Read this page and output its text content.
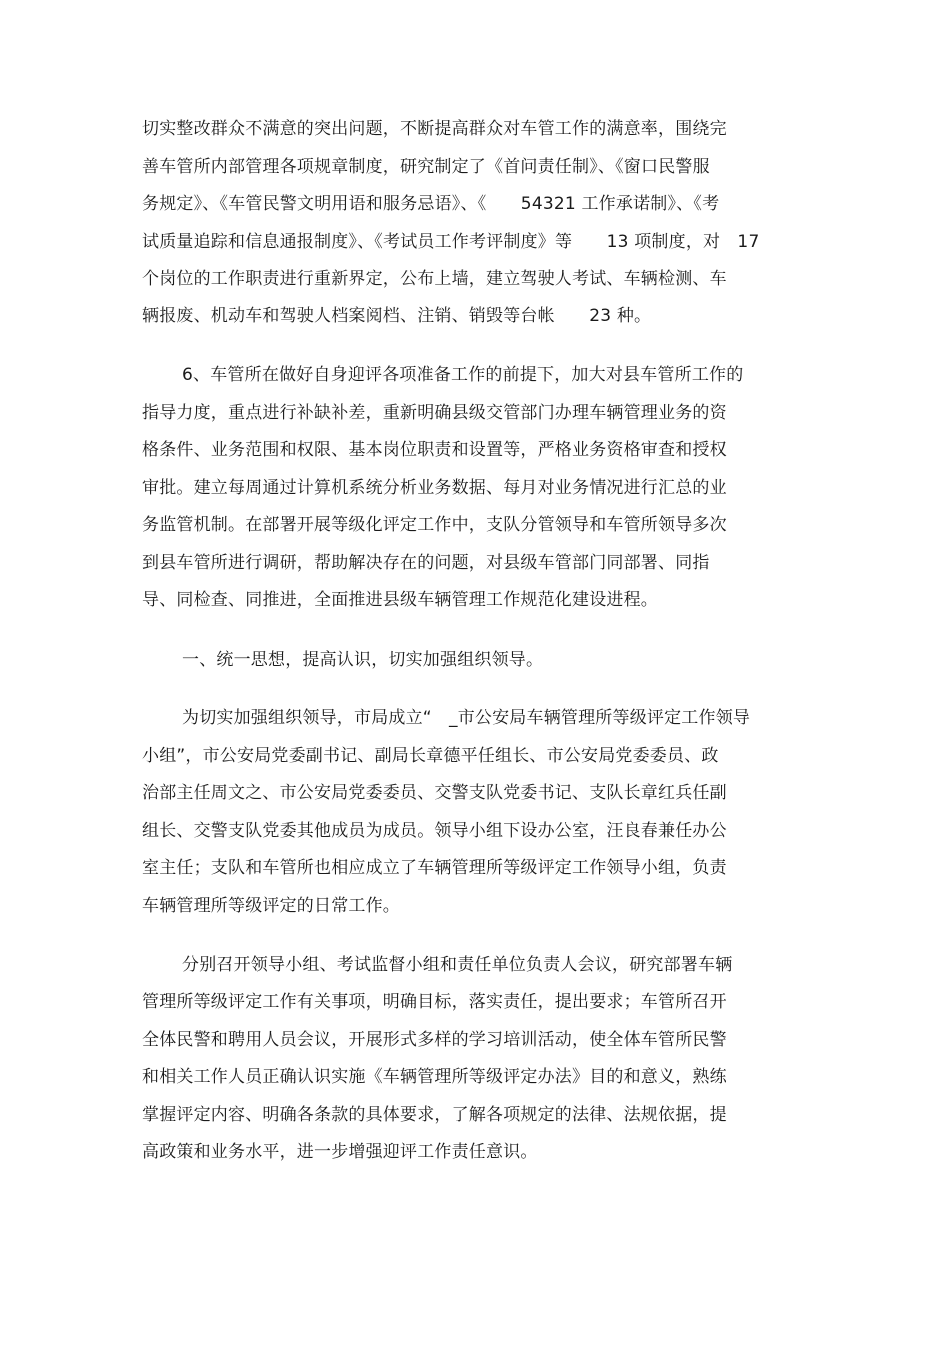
切实整改群众不满意的突出问题，不断提高群众对车管工作的满意率，围绕完
善车管所内部管理各项规章制度，研究制定了《首问责任制》、《窗口民警服
务规定》、《车管民警文明用语和服务忌语》、《　　54321 工作承诺制》、《考
试质量追踪和信息通报制度》、《考试员工作考评制度》等　　13 项制度，对　17
个岗位的工作职责进行重新界定，公布上墙，建立驾驶人考试、车辆检测、车
辆报废、机动车和驾驶人档案阅档、注销、销毁等台帐　　23 种。
6、车管所在做好自身迎评各项准备工作的前提下，加大对县车管所工作的
指导力度，重点进行补缺补差，重新明确县级交管部门办理车辆管理业务的资
格条件、业务范围和权限、基本岗位职责和设置等，严格业务资格审查和授权
审批。建立每周通过计算机系统分析业务数据、每月对业务情况进行汇总的业
务监管机制。在部署开展等级化评定工作中，支队分管领导和车管所领导多次
到县车管所进行调研，帮助解决存在的问题，对县级车管部门同部署、同指
导、同检查、同推进，全面推进县级车辆管理工作规范化建设进程。
一、统一思想，提高认识，切实加强组织领导。
为切实加强组织领导，市局成立“　_市公安局车辆管理所等级评定工作领导
小组”，市公安局党委副书记、副局长章德平任组长、市公安局党委委员、政
治部主任周文之、市公安局党委委员、交警支队党委书记、支队长章红兵任副
组长、交警支队党委其他成员为成员。领导小组下设办公室，汪良春兼任办公
室主任；支队和车管所也相应成立了车辆管理所等级评定工作领导小组，负责
车辆管理所等级评定的日常工作。
分别召开领导小组、考试监督小组和责任单位负责人会议，研究部署车辆
管理所等级评定工作有关事项，明确目标，落实责任，提出要求；车管所召开
全体民警和聘用人员会议，开展形式多样的学习培训活动，使全体车管所民警
和相关工作人员正确认识实施《车辆管理所等级评定办法》目的和意义，熟练
掌握评定内容、明确各条款的具体要求，了解各项规定的法律、法规依据，提
高政策和业务水平，进一步增强迎评工作责任意识。
